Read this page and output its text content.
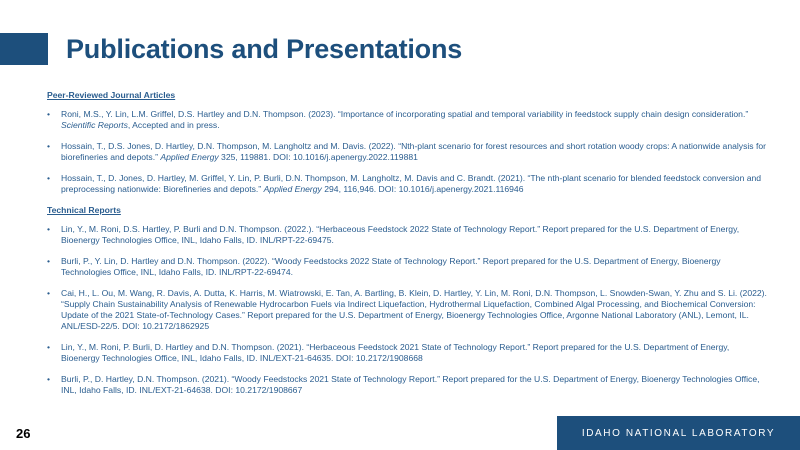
Publications and Presentations
Peer-Reviewed Journal Articles
• Roni, M.S., Y. Lin, L.M. Griffel, D.S. Hartley and D.N. Thompson. (2023). “Importance of incorporating spatial and temporal variability in feedstock supply chain design consideration.” Scientific Reports, Accepted and in press.
• Hossain, T., D.S. Jones, D. Hartley, D.N. Thompson, M. Langholtz and M. Davis. (2022). “Nth-plant scenario for forest resources and short rotation woody crops: A nationwide analysis for biorefineries and depots.” Applied Energy 325, 119881. DOI: 10.1016/j.apenergy.2022.119881
• Hossain, T., D. Jones, D. Hartley, M. Griffel, Y. Lin, P. Burli, D.N. Thompson, M. Langholtz, M. Davis and C. Brandt. (2021). “The nth-plant scenario for blended feedstock conversion and preprocessing nationwide: Biorefineries and depots.” Applied Energy 294, 116,946. DOI: 10.1016/j.apenergy.2021.116946
Technical Reports
• Lin, Y., M. Roni, D.S. Hartley, P. Burli and D.N. Thompson. (2022.). “Herbaceous Feedstock 2022 State of Technology Report.” Report prepared for the U.S. Department of Energy, Bioenergy Technologies Office, INL, Idaho Falls, ID. INL/RPT-22-69475.
• Burli, P., Y. Lin, D. Hartley and D.N. Thompson. (2022). “Woody Feedstocks 2022 State of Technology Report.” Report prepared for the U.S. Department of Energy, Bioenergy Technologies Office, INL, Idaho Falls, ID. INL/RPT-22-69474.
• Cai, H., L. Ou, M. Wang, R. Davis, A. Dutta, K. Harris, M. Wiatrowski, E. Tan, A. Bartling, B. Klein, D. Hartley, Y. Lin, M. Roni, D.N. Thompson, L. Snowden-Swan, Y. Zhu and S. Li. (2022). “Supply Chain Sustainability Analysis of Renewable Hydrocarbon Fuels via Indirect Liquefaction, Hydrothermal Liquefaction, Combined Algal Processing, and Biochemical Conversion: Update of the 2021 State-of-Technology Cases.” Report prepared for the U.S. Department of Energy, Bioenergy Technologies Office, Argonne National Laboratory (ANL), Lemont, IL. ANL/ESD-22/5. DOI: 10.2172/1862925
• Lin, Y., M. Roni, P. Burli, D. Hartley and D.N. Thompson. (2021). “Herbaceous Feedstock 2021 State of Technology Report.” Report prepared for the U.S. Department of Energy, Bioenergy Technologies Office, INL, Idaho Falls, ID. INL/EXT-21-64635. DOI: 10.2172/1908668
• Burli, P., D. Hartley, D.N. Thompson. (2021). “Woody Feedstocks 2021 State of Technology Report.” Report prepared for the U.S. Department of Energy, Bioenergy Technologies Office, INL, Idaho Falls, ID. INL/EXT-21-64638. DOI: 10.2172/1908667
26	IDAHO NATIONAL LABORATORY
